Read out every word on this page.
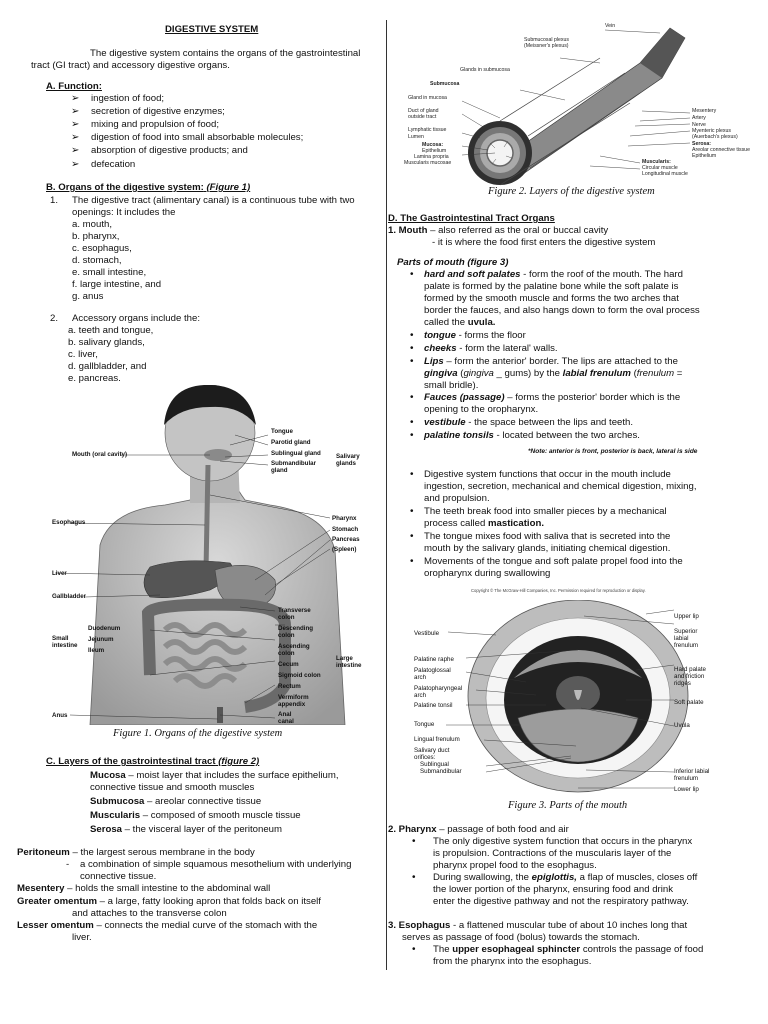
DIGESTIVE SYSTEM
The digestive system contains the organs of the gastrointestinal
tract (GI tract) and accessory digestive organs.
A. Function:
➢ ingestion of food;
➢ secretion of digestive enzymes;
➢ mixing and propulsion of food;
➢ digestion of food into small absorbable molecules;
➢ absorption of digestive products; and
➢ defecation
B. Organs of the digestive system: (Figure 1)
1. The digestive tract (alimentary canal) is a continuous tube with two
openings: It includes the
a. mouth,
b. pharynx,
c. esophagus,
d. stomach,
e. small intestine,
f. large intestine, and
g. anus
2. Accessory organs include the:
a. teeth and tongue,
b. salivary glands,
c. liver,
d. gallbladder, and
e. pancreas.
Tongue
Parotid gland
Sublingual gland
Submandibular
gland
Salivary
glands
Mouth (oral cavity)
Pharynx
Esophagus
Stomach
Pancreas
(Spleen)
Liver
Gallbladder
Transverse
colon
Descending
colon
Duodenum
Small
intestine
Jejunum
Ileum
Ascending
colon
Cecum
Large
intestine
Sigmoid colon
Rectum
Vermiform
appendix
Anus	Anal
canal
Figure 1. Organs of the digestive system
C. Layers of the gastrointestinal tract (figure 2)
Mucosa – moist layer that includes the surface epithelium,
connective tissue and smooth muscles
Submucosa – areolar connective tissue
Muscularis – composed of smooth muscle tissue
Serosa – the visceral layer of the peritoneum
Peritoneum – the largest serous membrane in the body
- a combination of simple squamous mesothelium with underlying
connective tissue.
Mesentery – holds the small intestine to the abdominal wall
Greater omentum – a large, fatty looking apron that folds back on itself
and attaches to the transverse colon
Lesser omentum – connects the medial curve of the stomach with the
liver.
Vein
Submucosal plexus
(Meissner's plexus)
Glands in submucosa
Submucosa
Gland in mucosa
Duct of gland
outside tract
Lymphatic tissue
Lumen
Mucosa:
Epithelium
Lamina propria
Muscularis mucosae
Mesentery
Artery
Nerve
Myenteric plexus
(Auerbach's plexus)
Serosa:
Areolar connective tissue
Epithelium
Muscularis:
Circular muscle
Longitudinal muscle
Figure 2. Layers of the digestive system
D. The Gastrointestinal Tract Organs
1. Mouth – also referred as the oral or buccal cavity
- it is where the food first enters the digestive system
Parts of mouth (figure 3)
• hard and soft palates - form the roof of the mouth. The hard
palate is formed by the palatine bone while the soft palate is
formed by the smooth muscle and forms the two arches that
border the fauces, and also hangs down to form the oval process
called the uvula.
• tongue - forms the floor
• cheeks - form the lateral' walls.
• Lips – form the anterior' border. The lips are attached to the
gingiva (gingiva _ gums) by the labial frenulum (frenulum =
small bridle).
• Fauces (passage) – forms the posterior' border which is the
opening to the oropharynx.
• vestibule - the space between the lips and teeth.
• palatine tonsils - located between the two arches.
*Note: anterior is front, posterior is back, lateral is side
• Digestive system functions that occur in the mouth include
ingestion, secretion, mechanical and chemical digestion, mixing,
and propulsion.
• The teeth break food into smaller pieces by a mechanical
process called mastication.
• The tongue mixes food with saliva that is secreted into the
mouth by the salivary glands, initiating chemical digestion.
• Movements of the tongue and soft palate propel food into the
oropharynx during swallowing
Copyright © The McGraw-Hill Companies, Inc. Permission required for reproduction or display.
Upper lip
Superior
labial
frenulum
Vestibule
Hard palate
and friction
ridges
Palatine raphe
Palatoglossal
arch
Palatopharyngeal
arch
Soft palate
Palatine tonsil
Tongue	Uvula
Lingual frenulum
Salivary duct
orifices:
Sublingual
Submandibular	Inferior labial
frenulum
Lower lip
Figure 3. Parts of the mouth
2. Pharynx – passage of both food and air
• The only digestive system function that occurs in the pharynx
is propulsion. Contractions of the muscularis layer of the
pharynx propel food to the esophagus.
• During swallowing, the epiglottis, a flap of muscles, closes off
the lower portion of the pharynx, ensuring food and drink
enter the digestive pathway and not the respiratory pathway.
3. Esophagus - a flattened muscular tube of about 10 inches long that
serves as passage of food (bolus) towards the stomach.
• The upper esophageal sphincter controls the passage of food
from the pharynx into the esophagus.
